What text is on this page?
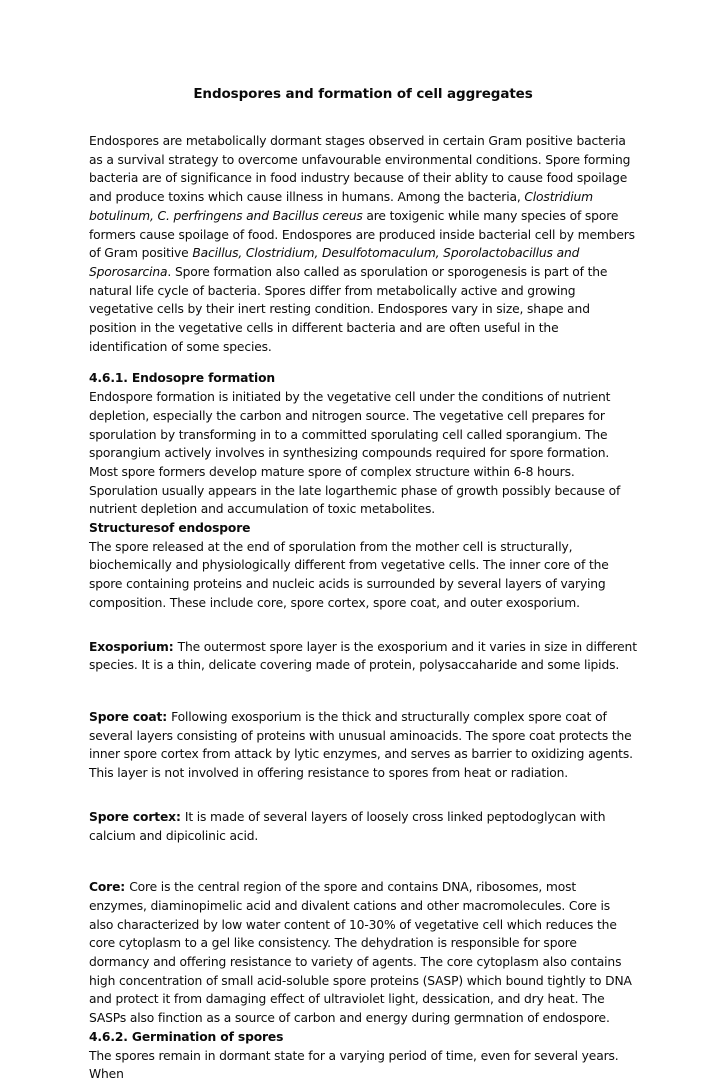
Endospores and formation of cell aggregates

Endospores are metabolically dormant stages observed in certain Gram positive bacteria as a survival strategy to overcome unfavourable environmental conditions. Spore forming bacteria are of significance in food industry because of their ablity to cause food spoilage and produce toxins which cause illness in humans. Among the bacteria, Clostridium botulinum, C. perfringens and Bacillus cereus are toxigenic while many species of spore formers cause spoilage of food. Endospores are produced inside bacterial cell by members of Gram positive Bacillus, Clostridium, Desulfotomaculum, Sporolactobacillus and Sporosarcina. Spore formation also called as sporulation or sporogenesis is part of the natural life cycle of bacteria. Spores differ from metabolically active and growing vegetative cells by their inert resting condition. Endospores vary in size, shape and position in the vegetative cells in different bacteria and are often useful in the identification of some species.

4.6.1. Endosopre formation

Endospore formation is initiated by the vegetative cell under the conditions of nutrient depletion, especially the carbon and nitrogen source. The vegetative cell prepares for sporulation by transforming in to a committed sporulating cell called sporangium. The sporangium actively involves in synthesizing compounds required for spore formation. Most spore formers develop mature spore of complex structure within 6-8 hours. Sporulation usually appears in the late logarthemic phase of growth possibly because of nutrient depletion and accumulation of toxic metabolites.

Structuresof endospore

The spore released at the end of sporulation from the mother cell is structurally, biochemically and physiologically different from vegetative cells. The inner core of the spore containing proteins and nucleic acids is surrounded by several layers of varying composition. These include core, spore cortex, spore coat, and outer exosporium.

Exosporium: The outermost spore layer is the exosporium and it varies in size in different species. It is a thin, delicate covering made of protein, polysaccaharide and some lipids.

Spore coat: Following exosporium is the thick and structurally complex spore coat of several layers consisting of proteins with unusual aminoacids. The spore coat protects the inner spore cortex from attack by lytic enzymes, and serves as barrier to oxidizing agents. This layer is not involved in offering resistance to spores from heat or radiation.

Spore cortex: It is made of several layers of loosely cross linked peptodoglycan with calcium and dipicolinic acid.

Core: Core is the central region of the spore and contains DNA, ribosomes, most enzymes, diaminopimelic acid and divalent cations and other macromolecules. Core is also characterized by low water content of 10-30% of vegetative cell which reduces the core cytoplasm to a gel like consistency. The dehydration is responsible for spore dormancy and offering resistance to variety of agents. The core cytoplasm also contains high concentration of small acid-soluble spore proteins (SASP) which bound tightly to DNA and protect it from damaging effect of ultraviolet light, dessication, and dry heat. The SASPs also finction as a source of carbon and energy during germnation of endospore.

4.6.2. Germination of spores

The spores remain in dormant state for a varying period of time, even for several years. When
